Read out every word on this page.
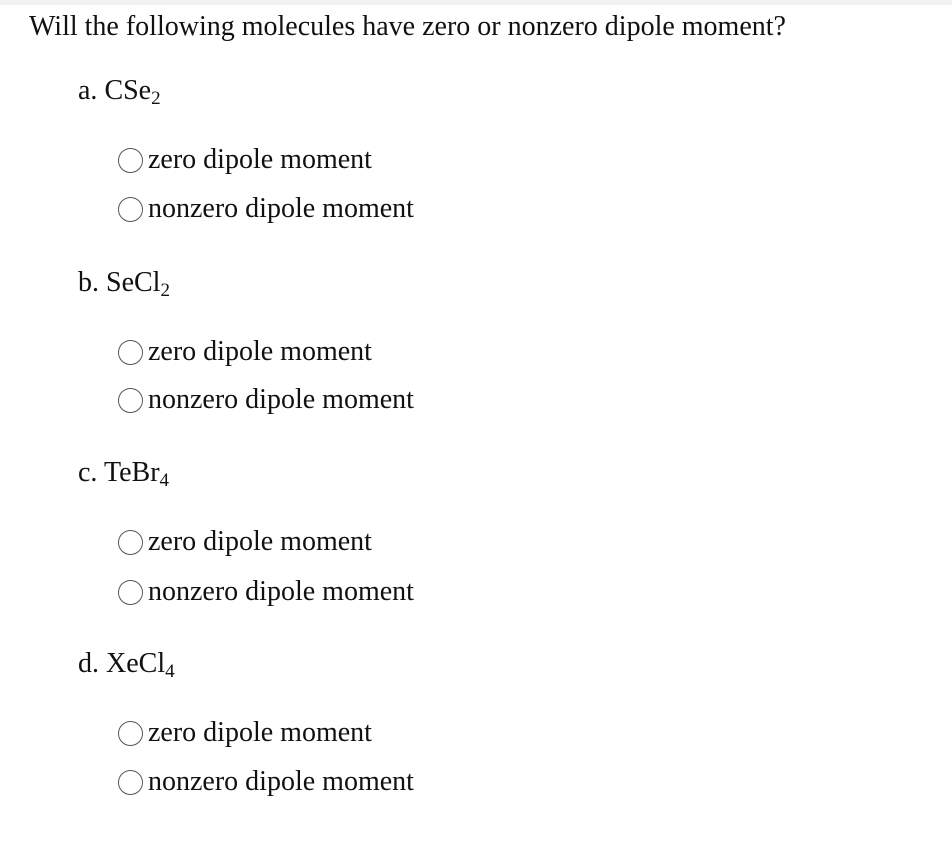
Will the following molecules have zero or nonzero dipole moment?
a. CSe$_2$
zero dipole moment
nonzero dipole moment
b. SeCl$_2$
zero dipole moment
nonzero dipole moment
c. TeBr$_4$
zero dipole moment
nonzero dipole moment
d. XeCl$_4$
zero dipole moment
nonzero dipole moment
